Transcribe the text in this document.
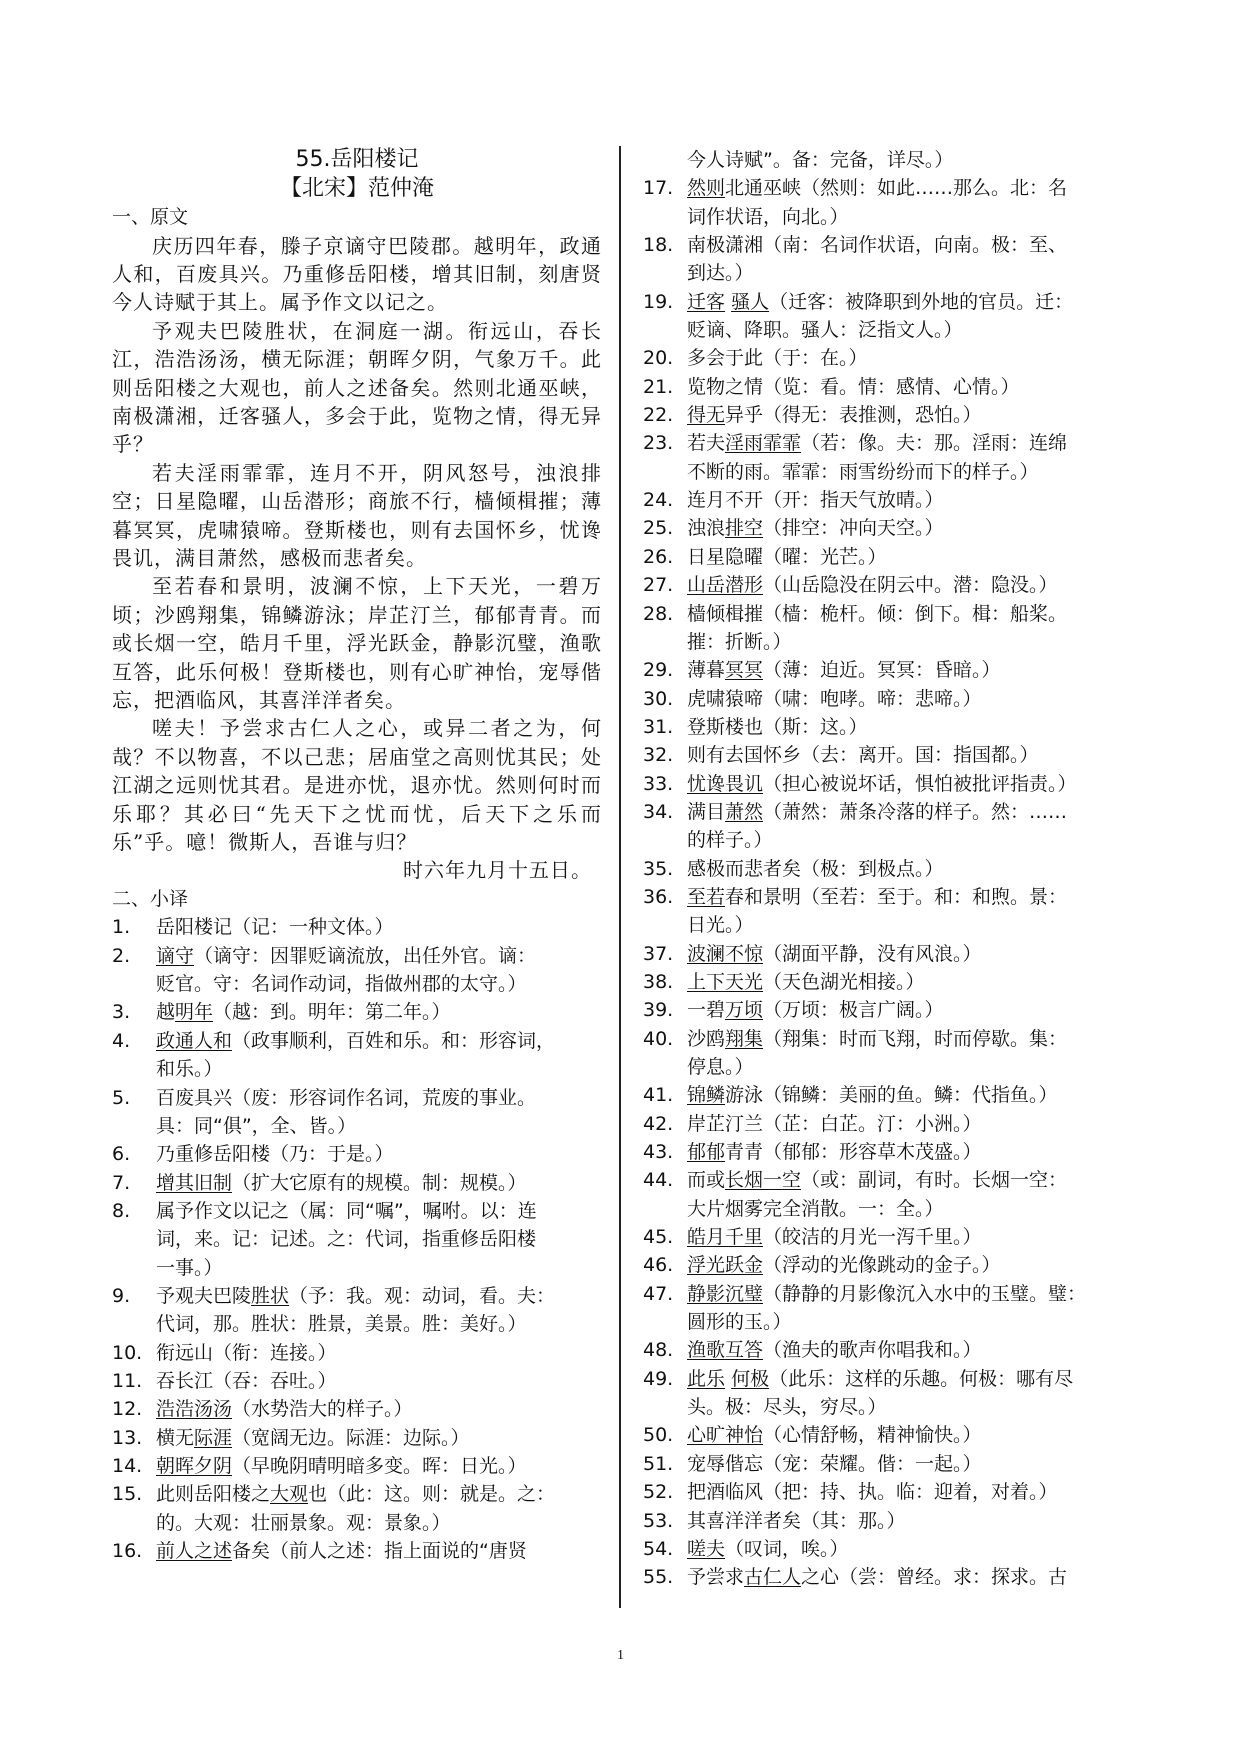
55.岳阳楼记
【北宋】范仲淹
一、原文
庆历四年春，滕子京谪守巴陵郡。越明年，政通人和，百废具兴。乃重修岳阳楼，增其旧制，刻唐贤今人诗赋于其上。属予作文以记之。
予观夫巴陵胜状，在洞庭一湖。衔远山，吞长江，浩浩汤汤，横无际涯；朝晖夕阴，气象万千。此则岳阳楼之大观也，前人之述备矣。然则北通巫峡，南极潇湘，迁客骚人，多会于此，览物之情，得无异乎？
若夫淫雨霏霏，连月不开，阴风怒号，浊浪排空；日星隐曜，山岳潜形；商旅不行，樯倾楫摧；薄暮冥冥，虎啸猿啼。登斯楼也，则有去国怀乡，忧谗畏讥，满目萧然，感极而悲者矣。
至若春和景明，波澜不惊，上下天光，一碧万顷；沙鸥翔集，锦鳞游泳；岸芷汀兰，郁郁青青。而或长烟一空，皓月千里，浮光跃金，静影沉璧，渔歌互答，此乐何极！登斯楼也，则有心旷神怡，宠辱偕忘，把酒临风，其喜洋洋者矣。
嗟夫！予尝求古仁人之心，或异二者之为，何哉？不以物喜，不以己悲；居庙堂之高则忧其民；处江湖之远则忧其君。是进亦忧，退亦忧。然则何时而乐耶？其必曰“先天下之忧而忧，后天下之乐而乐”乎。噫！微斯人，吾谁与归？
时六年九月十五日。
二、小译
1. 岳阳楼记（记：一种文体。）
2. 谪守（谪守：因罪贬谪流放，出任外官。谪：
贬官。守：名词作动词，指做州郡的太守。）
3. 越明年（越：到。明年：第二年。）
4. 政通人和（政事顺利，百姓和乐。和：形容词，
和乐。）
5. 百废具兴（废：形容词作名词，荒废的事业。
具：同“俱”，全、皆。）
6. 乃重修岳阳楼（乃：于是。）
7. 增其旧制（扩大它原有的规模。制：规模。）
8. 属予作文以记之（属：同“嘱”，嘱咐。以：连
词，来。记：记述。之：代词，指重修岳阳楼
一事。）
9. 予观夫巴陵胜状（予：我。观：动词，看。夫：
代词，那。胜状：胜景，美景。胜：美好。）
10. 衔远山（衔：连接。）
11. 吞长江（吞：吞吐。）
12. 浩浩汤汤（水势浩大的样子。）
13. 横无际涯（宽阔无边。际涯：边际。）
14. 朝晖夕阴（早晚阴晴明暗多变。晖：日光。）
15. 此则岳阳楼之大观也（此：这。则：就是。之：
的。大观：壮丽景象。观：景象。）
16. 前人之述备矣（前人之述：指上面说的“唐贤
今人诗赋”。备：完备，详尽。）
17. 然则北通巫峡（然则：如此……那么。北：名
词作状语，向北。）
18. 南极潇湘（南：名词作状语，向南。极：至、
到达。）
19. 迁客 骚人（迁客：被降职到外地的官员。迁：
贬谪、降职。骚人：泛指文人。）
20. 多会于此（于：在。）
21. 览物之情（览：看。情：感情、心情。）
22. 得无异乎（得无：表推测，恐怕。）
23. 若夫淫雨霏霏（若：像。夫：那。淫雨：连绵
不断的雨。霏霏：雨雪纷纷而下的样子。）
24. 连月不开（开：指天气放晴。）
25. 浊浪排空（排空：冲向天空。）
26. 日星隐曜（曜：光芒。）
27. 山岳潜形（山岳隐没在阴云中。潜：隐没。）
28. 樯倾楫摧（樯：桅杆。倾：倒下。楫：船桨。
摧：折断。）
29. 薄暮冥冥（薄：迫近。冥冥：昏暗。）
30. 虎啸猿啼（啸：咆哮。啼：悲啼。）
31. 登斯楼也（斯：这。）
32. 则有去国怀乡（去：离开。国：指国都。）
33. 忧谗畏讥（担心被说坏话，惧怕被批评指责。）
34. 满目萧然（萧然：萧条冷落的样子。然：……
的样子。）
35. 感极而悲者矣（极：到极点。）
36. 至若春和景明（至若：至于。和：和煦。景：
日光。）
37. 波澜不惊（湖面平静，没有风浪。）
38. 上下天光（天色湖光相接。）
39. 一碧万顷（万顷：极言广阔。）
40. 沙鸥翔集（翔集：时而飞翔，时而停歇。集：
停息。）
41. 锦鳞游泳（锦鳞：美丽的鱼。鳞：代指鱼。）
42. 岸芷汀兰（芷：白芷。汀：小洲。）
43. 郁郁青青（郁郁：形容草木茂盛。）
44. 而或长烟一空（或：副词，有时。长烟一空：
大片烟雾完全消散。一：全。）
45. 皓月千里（皎洁的月光一泻千里。）
46. 浮光跃金（浮动的光像跳动的金子。）
47. 静影沉璧（静静的月影像沉入水中的玉璧。璧：
圆形的玉。）
48. 渔歌互答（渔夫的歌声你唱我和。）
49. 此乐 何极（此乐：这样的乐趣。何极：哪有尽
头。极：尽头，穷尽。）
50. 心旷神怡（心情舒畅，精神愉快。）
51. 宠辱偕忘（宠：荣耀。偕：一起。）
52. 把酒临风（把：持、执。临：迎着，对着。）
53. 其喜洋洋者矣（其：那。）
54. 嗟夫（叹词，唉。）
55. 予尝求古仁人之心（尝：曾经。求：探求。古
1
